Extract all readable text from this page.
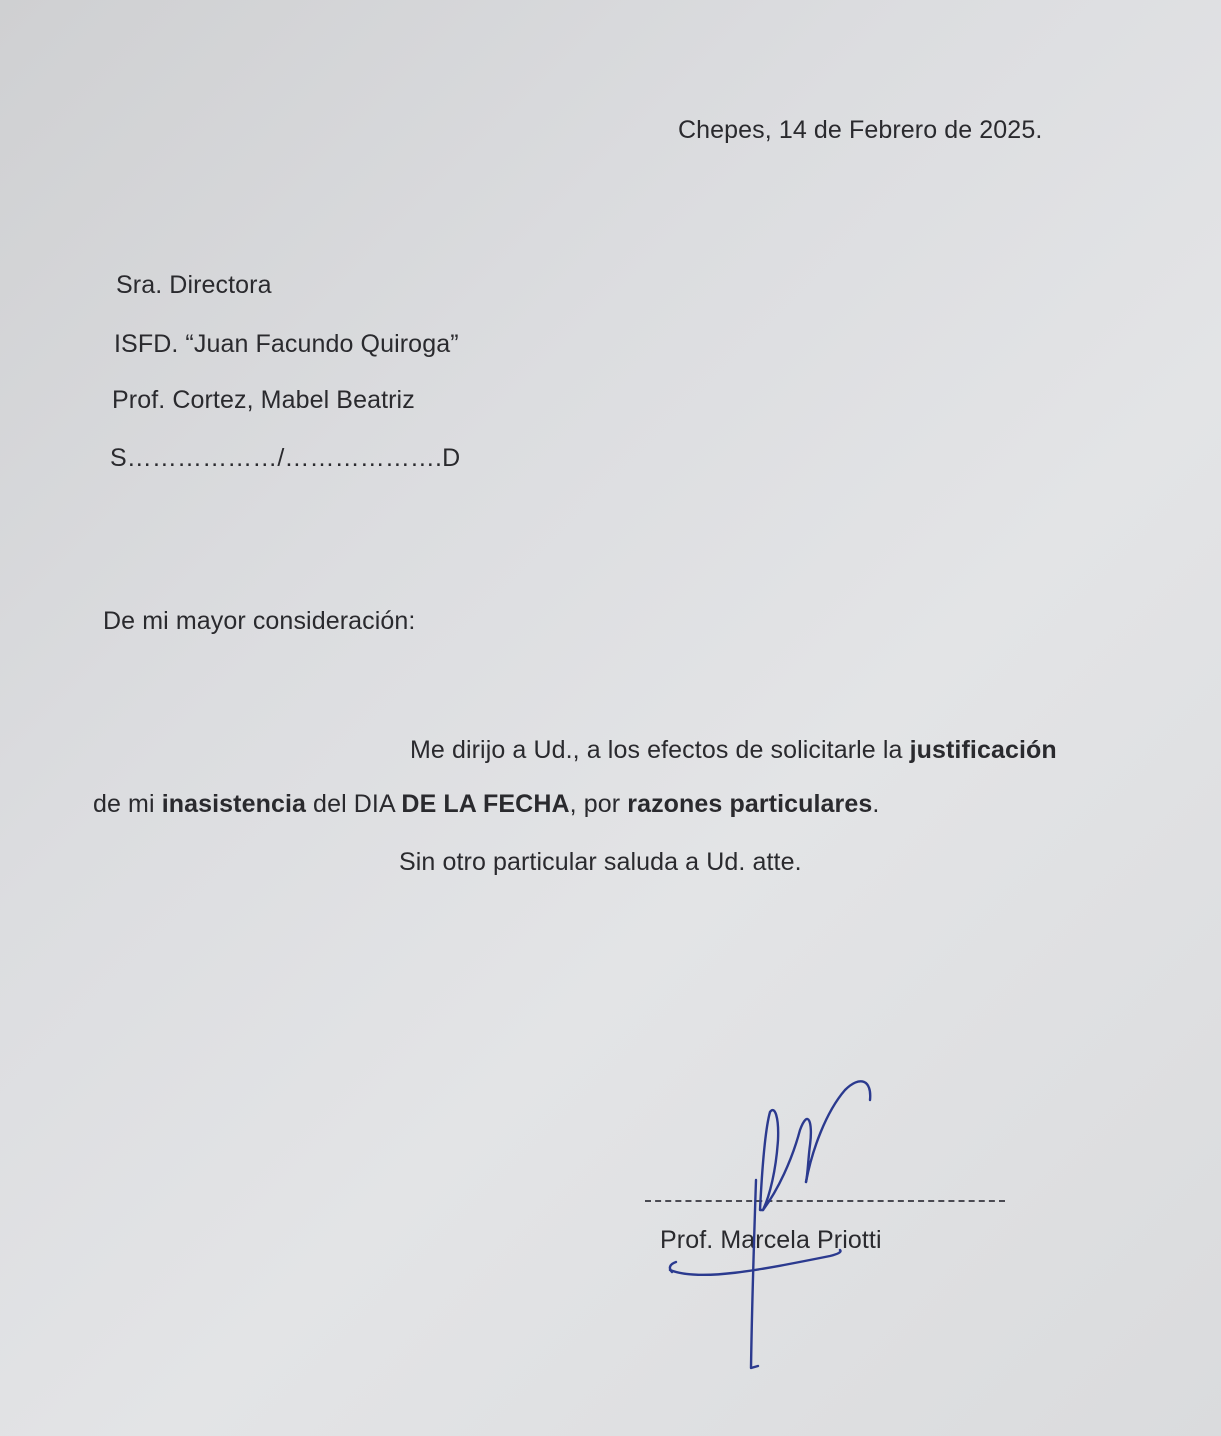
Chepes, 14 de Febrero de 2025.
Sra. Directora
ISFD. “Juan Facundo Quiroga”
Prof. Cortez, Mabel Beatriz
S………………/……………….D
De mi mayor consideración:
Me dirijo a Ud., a los efectos de solicitarle la justificación
de mi inasistencia del DIA DE LA FECHA, por razones particulares.
Sin otro particular saluda a Ud. atte.
Prof. Marcela Priotti
